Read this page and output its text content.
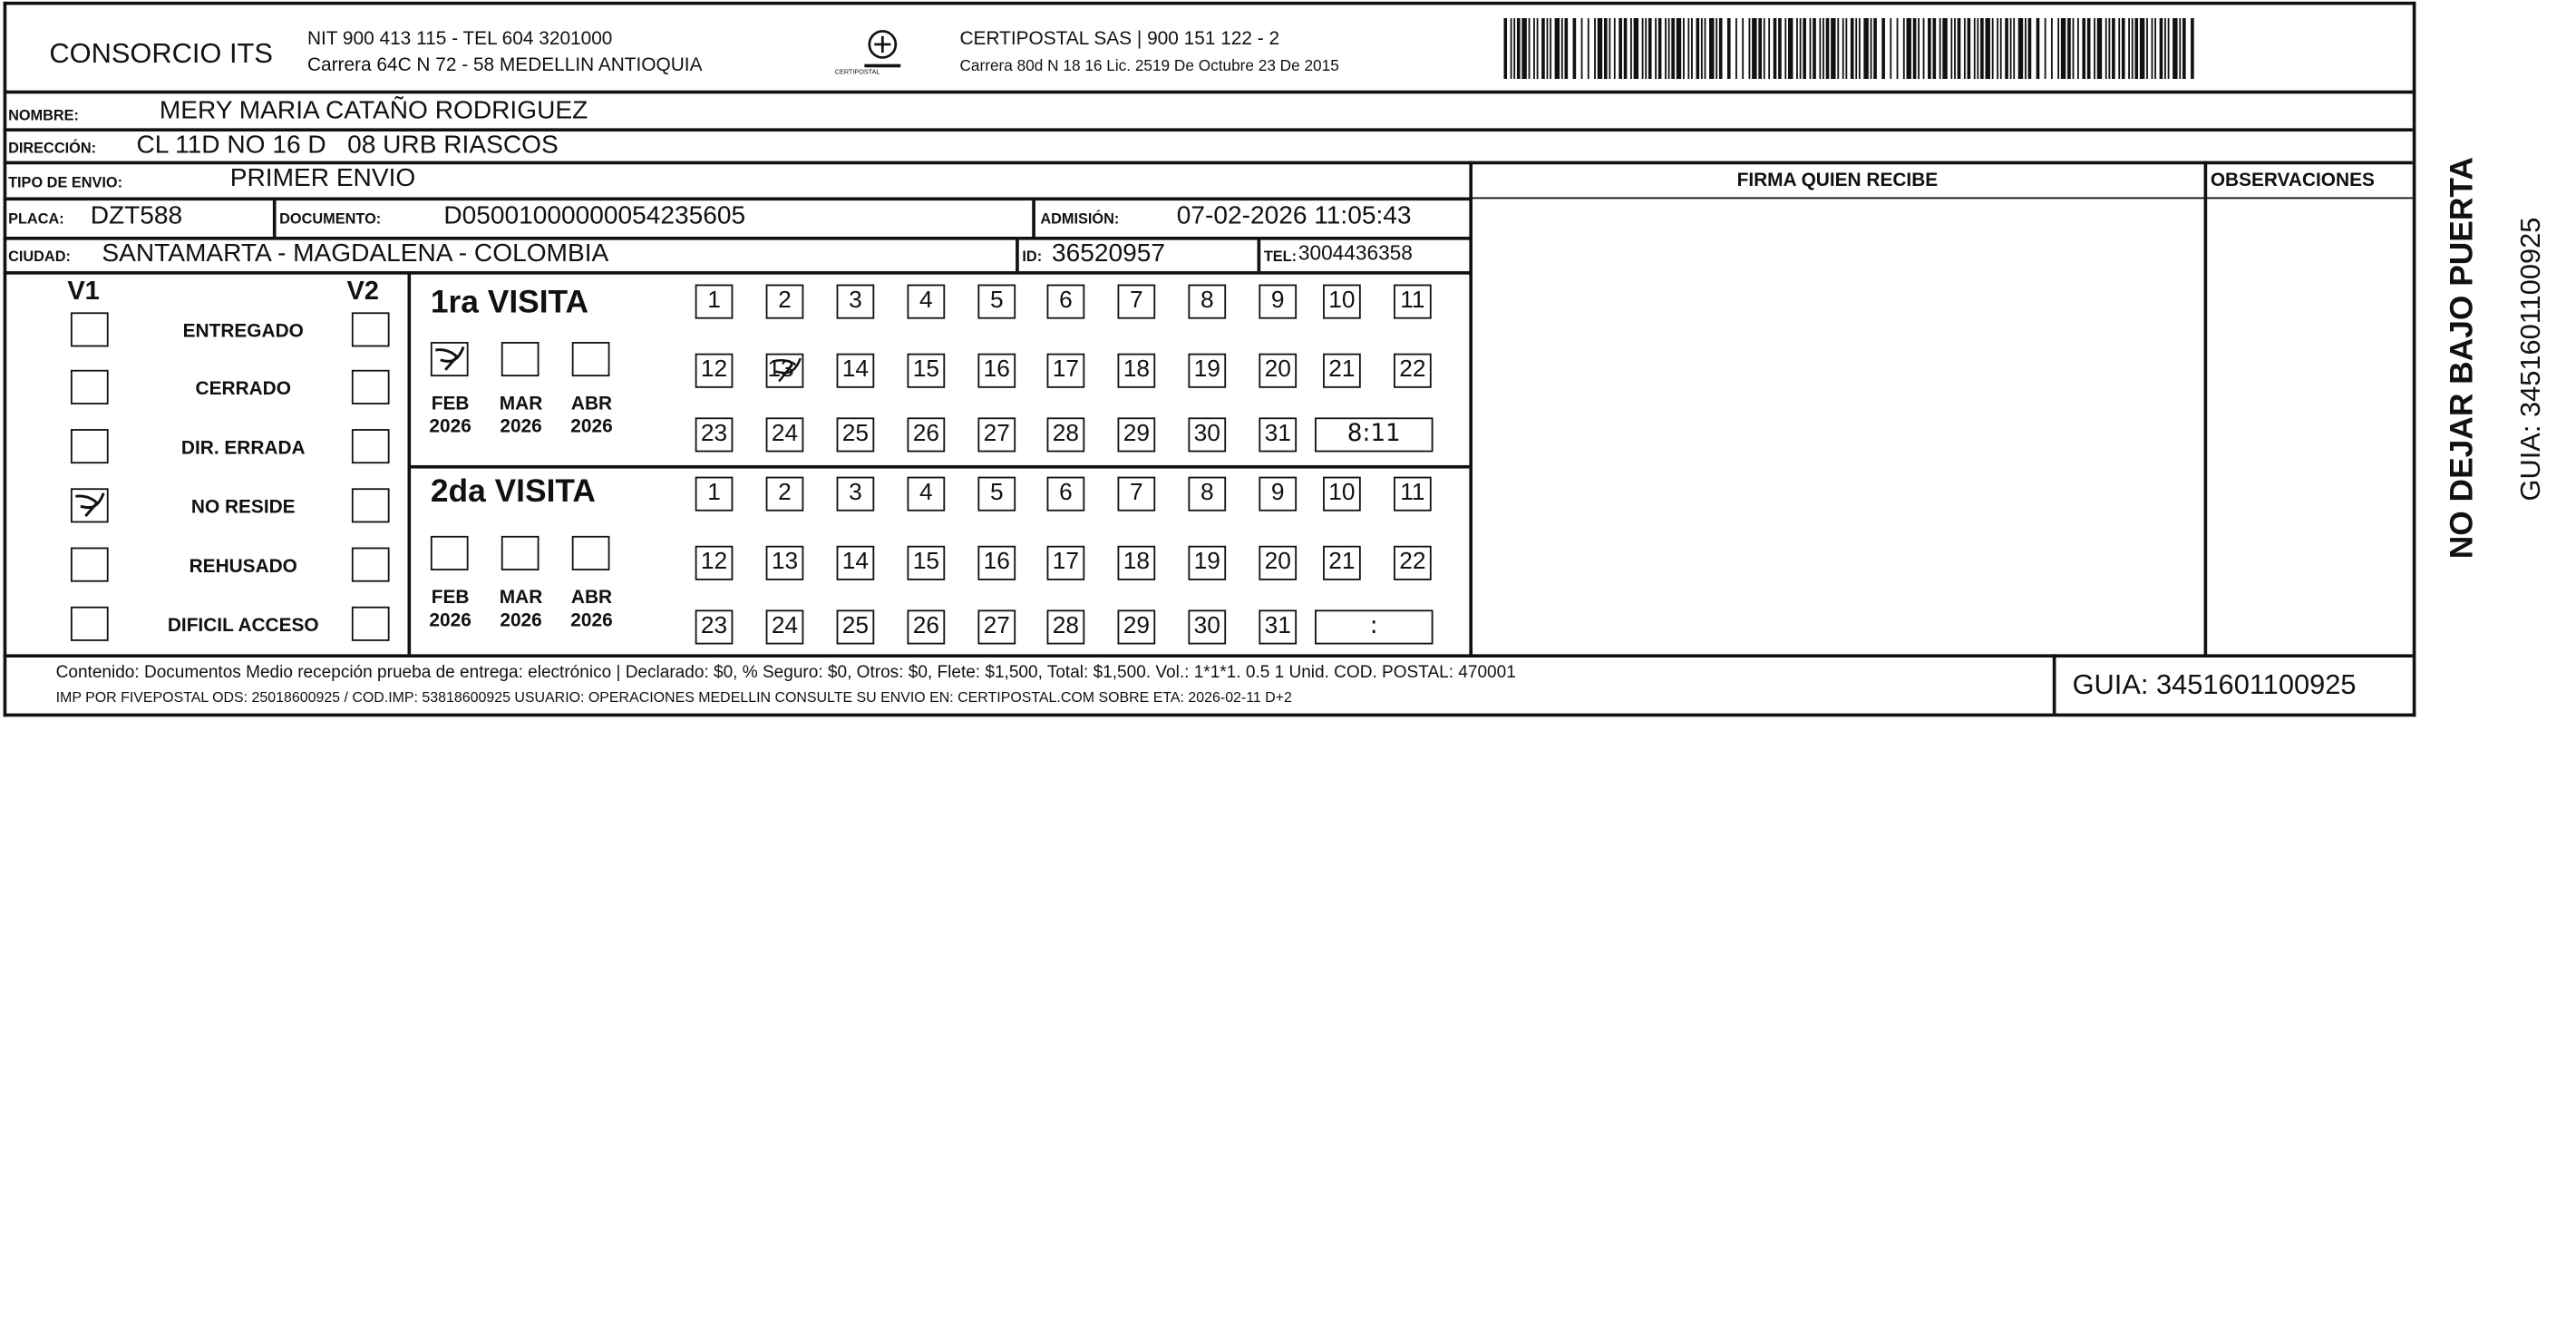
CONSORCIO ITS	NIT 900 413 115 - TEL 604 3201000
Carrera 64C N 72 - 58 MEDELLIN ANTIOQUIA	CERTIPOSTAL
CERTIPOSTAL SAS | 900 151 122 - 2
Carrera 80d N 18 16 Lic. 2519 De Octubre 23 De 2015
NOMBRE:	MERY MARIA CATAÑO RODRIGUEZ
DIRECCIÓN:	CL 11D NO 16 D   08 URB RIASCOS
TIPO DE ENVIO:	PRIMER ENVIO
PLACA: DZT588	DOCUMENTO:	D05001000000054235605	ADMISIÓN:	07-02-2026 11:05:43
CIUDAD: SANTAMARTA - MAGDALENA - COLOMBIA	ID: 36520957	TEL: 3004436358
FIRMA QUIEN RECIBE	OBSERVACIONES
V1	V2	1ra VISITA
2da VISITA	NO DEJAR BAJO PUERTA GUIA: 3451601100925
Contenido: Documentos Medio recepción prueba de entrega: electrónico | Declarado: $0, % Seguro: $0, Otros: $0, Flete: $1,500, Total: $1,500. Vol.: 1*1*1. 0.5 1 Unid. COD. POSTAL: 470001
IMP POR FIVEPOSTAL ODS: 25018600925 / COD.IMP: 53818600925 USUARIO: OPERACIONES MEDELLIN CONSULTE SU ENVIO EN: CERTIPOSTAL.COM SOBRE ETA: 2026-02-11 D+2	GUIA: 3451601100925
ENTREGADO
CERRADO
DIR. ERRADA
NO RESIDE
REHUSADO
DIFICIL ACCESO
FEB
2026
MAR
2026
ABR
2026
FEB
2026
MAR
2026
ABR
2026
1	2	3	4	5	6	7	8	9	10	11
12	13	14	15	16	17	18	19	20	21	22
23	24	25	26	27	28	29	30	31	8:11
1	2	3	4	5	6	7	8	9	10	11
12	13	14	15	16	17	18	19	20	21	22
23	24	25	26	27	28	29	30	31	:
